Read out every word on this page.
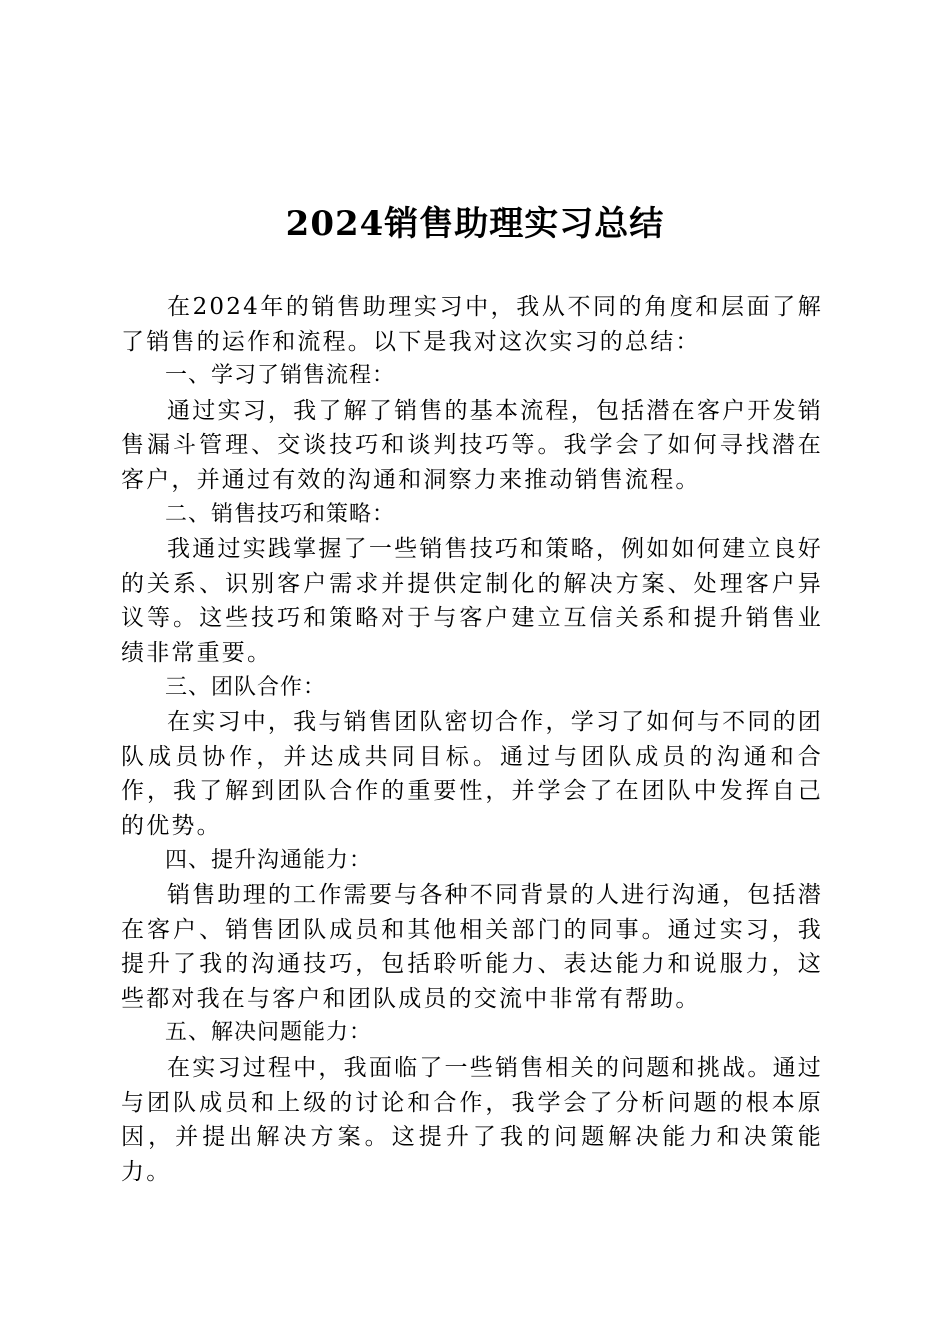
2024销售助理实习总结

在2024年的销售助理实习中，我从不同的角度和层面了解了销售的运作和流程。以下是我对这次实习的总结：

一、学习了销售流程：

通过实习，我了解了销售的基本流程，包括潜在客户开发销售漏斗管理、交谈技巧和谈判技巧等。我学会了如何寻找潜在客户，并通过有效的沟通和洞察力来推动销售流程。

二、销售技巧和策略：

我通过实践掌握了一些销售技巧和策略，例如如何建立良好的关系、识别客户需求并提供定制化的解决方案、处理客户异议等。这些技巧和策略对于与客户建立互信关系和提升销售业绩非常重要。

三、团队合作：

在实习中，我与销售团队密切合作，学习了如何与不同的团队成员协作，并达成共同目标。通过与团队成员的沟通和合作，我了解到团队合作的重要性，并学会了在团队中发挥自己的优势。

四、提升沟通能力：

销售助理的工作需要与各种不同背景的人进行沟通，包括潜在客户、销售团队成员和其他相关部门的同事。通过实习，我提升了我的沟通技巧，包括聆听能力、表达能力和说服力，这些都对我在与客户和团队成员的交流中非常有帮助。

五、解决问题能力：

在实习过程中，我面临了一些销售相关的问题和挑战。通过与团队成员和上级的讨论和合作，我学会了分析问题的根本原因，并提出解决方案。这提升了我的问题解决能力和决策能力。
